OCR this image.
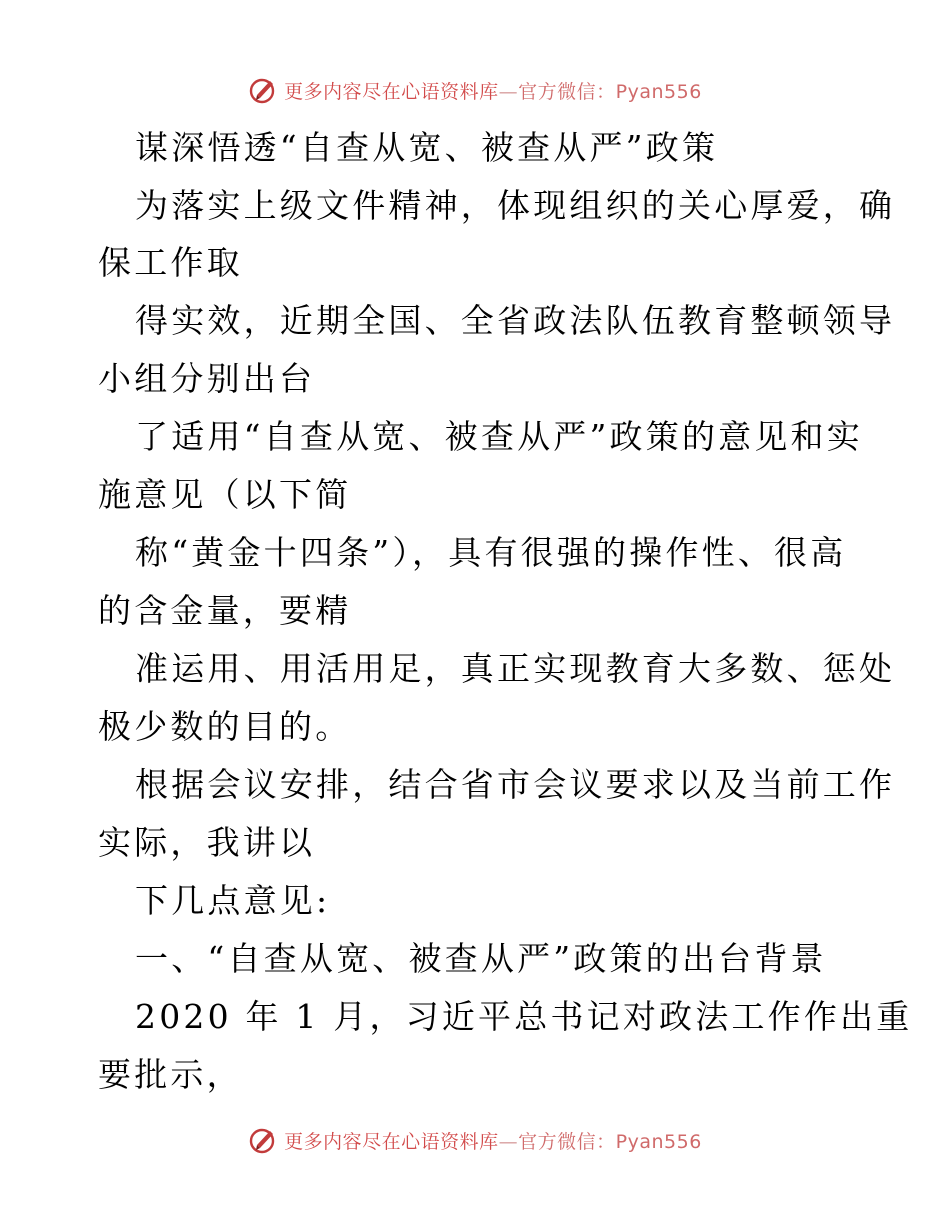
更多内容尽在心语资料库—官方微信：Pyan556
谋深悟透“自查从宽、被查从严”政策
为落实上级文件精神，体现组织的关心厚爱，确
保工作取
得实效，近期全国、全省政法队伍教育整顿领导
小组分别出台
了适用“自查从宽、被查从严”政策的意见和实
施意见（以下简
称“黄金十四条”），具有很强的操作性、很高
的含金量，要精
准运用、用活用足，真正实现教育大多数、惩处
极少数的目的。
根据会议安排，结合省市会议要求以及当前工作
实际，我讲以
下几点意见:
一、“自查从宽、被查从严”政策的出台背景
2020 年 1 月，习近平总书记对政法工作作出重
要批示，
更多内容尽在心语资料库—官方微信：Pyan556
